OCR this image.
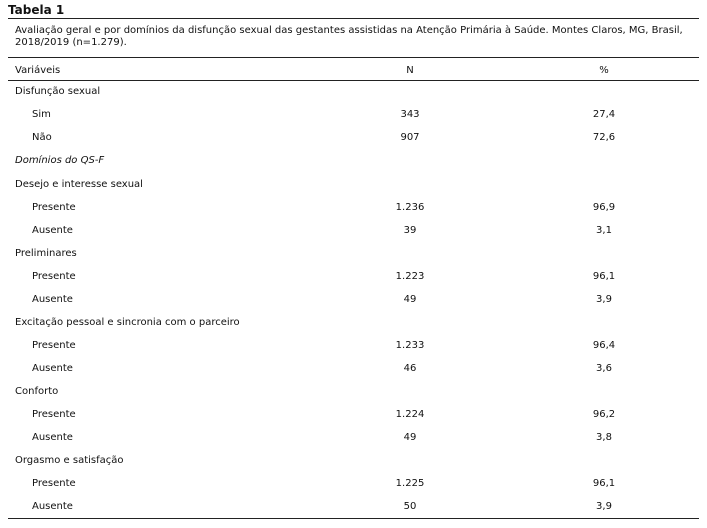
Tabela 1
Avaliação geral e por domínios da disfunção sexual das gestantes assistidas na Atenção Primária à Saúde. Montes Claros, MG, Brasil, 2018/2019 (n=1.279).
Variáveis	N	%
Disfunção sexual
Sim	343	27,4
Não	907	72,6
Domínios do QS-F
Desejo e interesse sexual
Presente	1.236	96,9
Ausente	39	3,1
Preliminares
Presente	1.223	96,1
Ausente	49	3,9
Excitação pessoal e sincronia com o parceiro
Presente	1.233	96,4
Ausente	46	3,6
Conforto
Presente	1.224	96,2
Ausente	49	3,8
Orgasmo e satisfação
Presente	1.225	96,1
Ausente	50	3,9
